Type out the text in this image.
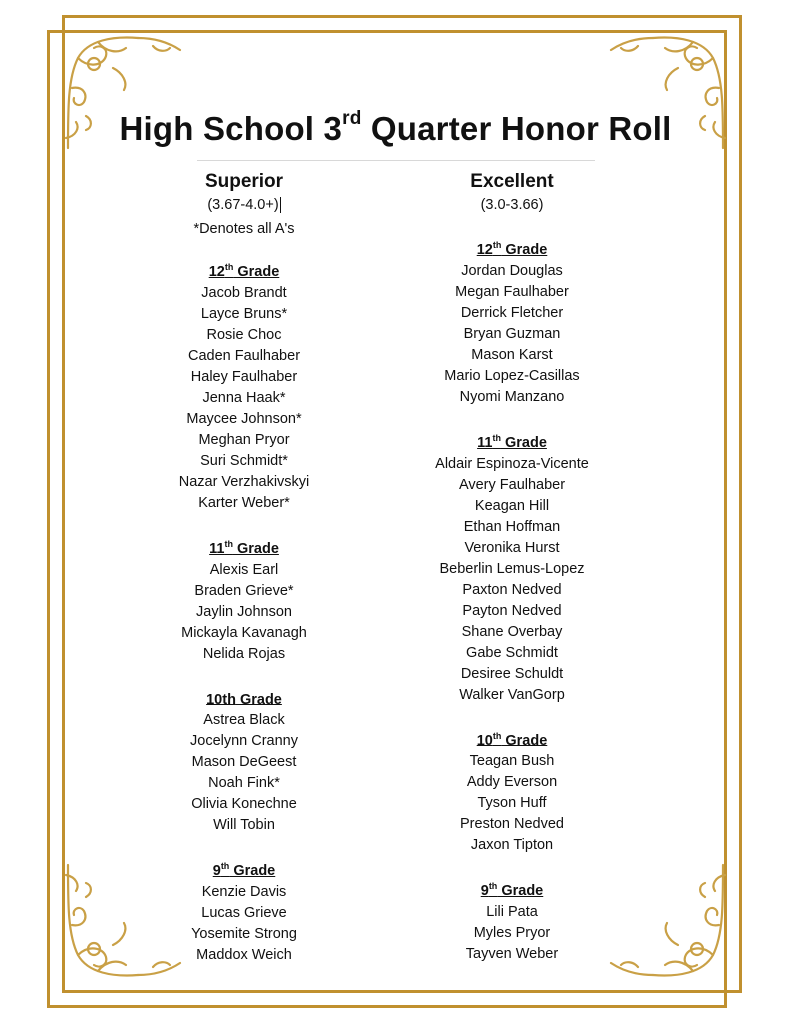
High School 3rd Quarter Honor Roll
Superior
(3.67-4.0+)
*Denotes all A's
12th Grade
Jacob Brandt
Layce Bruns*
Rosie Choc
Caden Faulhaber
Haley Faulhaber
Jenna Haak*
Maycee Johnson*
Meghan Pryor
Suri Schmidt*
Nazar Verzhakivskyi
Karter Weber*
11th Grade
Alexis Earl
Braden Grieve*
Jaylin Johnson
Mickayla Kavanagh
Nelida Rojas
10th Grade
Astrea Black
Jocelynn Cranny
Mason DeGeest
Noah Fink*
Olivia Konechne
Will Tobin
9th Grade
Kenzie Davis
Lucas Grieve
Yosemite Strong
Maddox Weich
Excellent
(3.0-3.66)
12th Grade
Jordan Douglas
Megan Faulhaber
Derrick Fletcher
Bryan Guzman
Mason Karst
Mario Lopez-Casillas
Nyomi Manzano
11th Grade
Aldair Espinoza-Vicente
Avery Faulhaber
Keagan Hill
Ethan Hoffman
Veronika Hurst
Beberlin Lemus-Lopez
Paxton Nedved
Payton Nedved
Shane Overbay
Gabe Schmidt
Desiree Schuldt
Walker VanGorp
10th Grade
Teagan Bush
Addy Everson
Tyson Huff
Preston Nedved
Jaxon Tipton
9th Grade
Lili Pata
Myles Pryor
Tayven Weber
